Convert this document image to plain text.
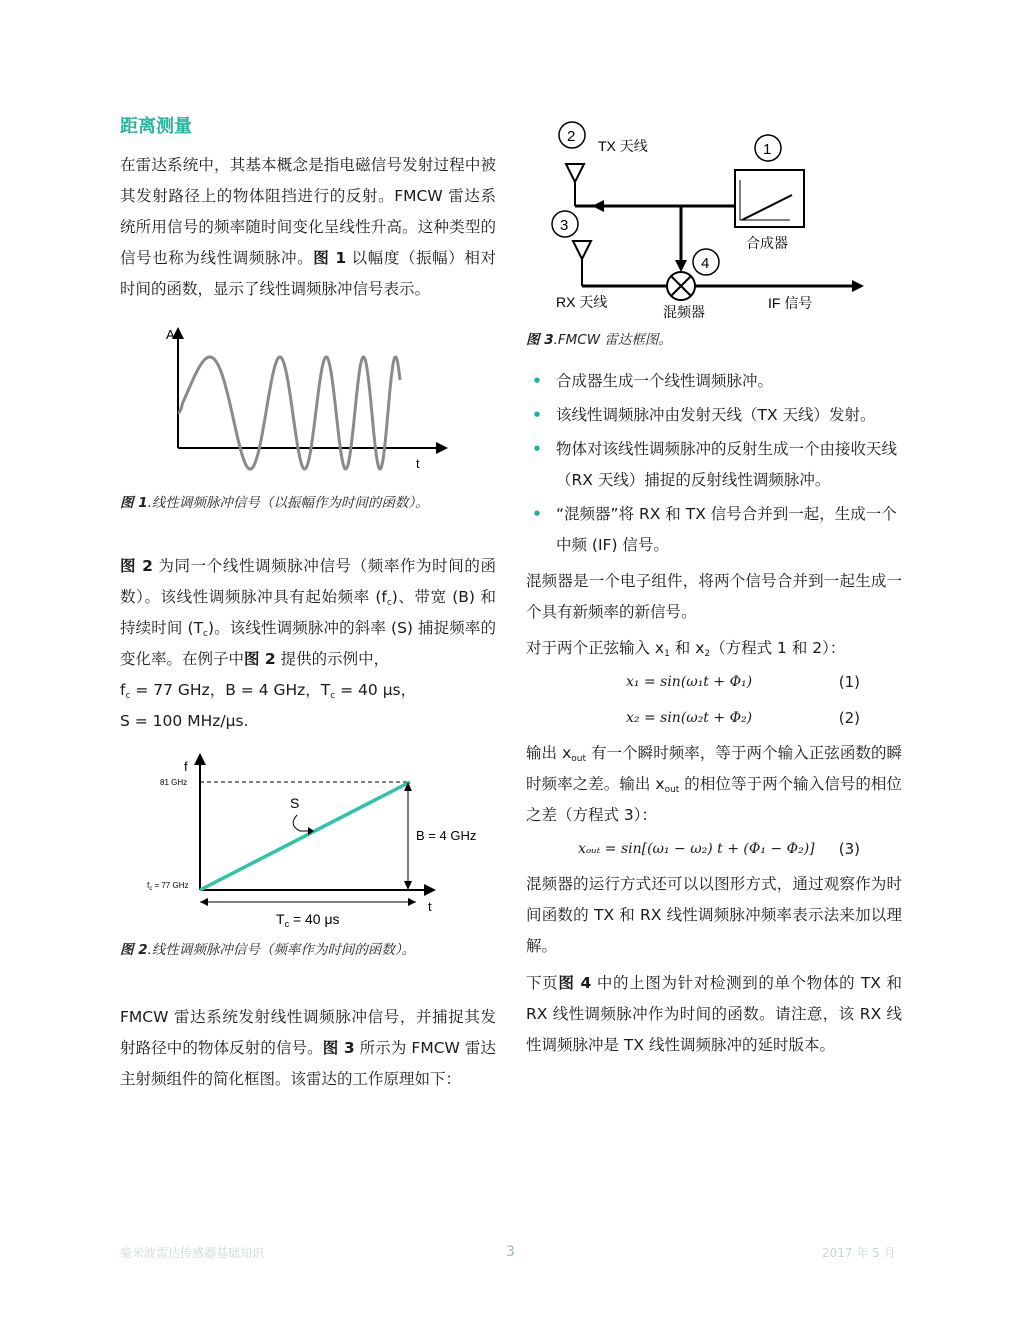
距离测量

在雷达系统中，其基本概念是指电磁信号发射过程中被其发射路径上的物体阻挡进行的反射。FMCW 雷达系统所用信号的频率随时间变化呈线性升高。这种类型的信号也称为线性调频脉冲。图 1 以幅度（振幅）相对时间的函数，显示了线性调频脉冲信号表示。

A
t
图 1.线性调频脉冲信号（以振幅作为时间的函数）。

图 2 为同一个线性调频脉冲信号（频率作为时间的函数）。该线性调频脉冲具有起始频率 $(f_c)$、带宽 (B) 和持续时间 $(T_c)$。该线性调频脉冲的斜率 (S) 捕捉频率的变化率。在例子中图 2 提供的示例中，

$f_c = 77$ GHz，B = 4 GHz，$T_c = 40$ μs，

S = 100 MHz/μs.

f
t
81 GHz
$f_c = 77$ GHz
S
B = 4 GHz
$T_c = 40$ μs
图 2.线性调频脉冲信号（频率作为时间的函数）。

FMCW 雷达系统发射线性调频脉冲信号，并捕捉其发射路径中的物体反射的信号。图 3 所示为 FMCW 雷达主射频组件的简化框图。该雷达的工作原理如下：

合成器
1
2
TX 天线
3
RX 天线
4
混频器
IF 信号
图 3.FMCW 雷达框图。
• 合成器生成一个线性调频脉冲。
• 该线性调频脉冲由发射天线（TX 天线）发射。
• 物体对该线性调频脉冲的反射生成一个由接收天线（RX 天线）捕捉的反射线性调频脉冲。
• “混频器”将 RX 和 TX 信号合并到一起，生成一个中频 (IF) 信号。

混频器是一个电子组件，将两个信号合并到一起生成一个具有新频率的新信号。

对于两个正弦输入 $x_1$ 和 $x_2$（方程式 1 和 2）：

x₁ = sin(ω₁t + Φ₁)	(1)
x₂ = sin(ω₂t + Φ₂)	(2)

输出 $x_{out}$ 有一个瞬时频率，等于两个输入正弦函数的瞬时频率之差。输出 $x_{out}$ 的相位等于两个输入信号的相位之差（方程式 3）：

xₒᵤₜ = sin[(ω₁ − ω₂) t + (Φ₁ − Φ₂)] (3)

混频器的运行方式还可以以图形方式，通过观察作为时间函数的 TX 和 RX 线性调频脉冲频率表示法来加以理解。

下页图 4 中的上图为针对检测到的单个物体的 TX 和 RX 线性调频脉冲作为时间的函数。请注意，该 RX 线性调频脉冲是 TX 线性调频脉冲的延时版本。

毫米波雷达传感器基础知识	3	2017 年 5 月
